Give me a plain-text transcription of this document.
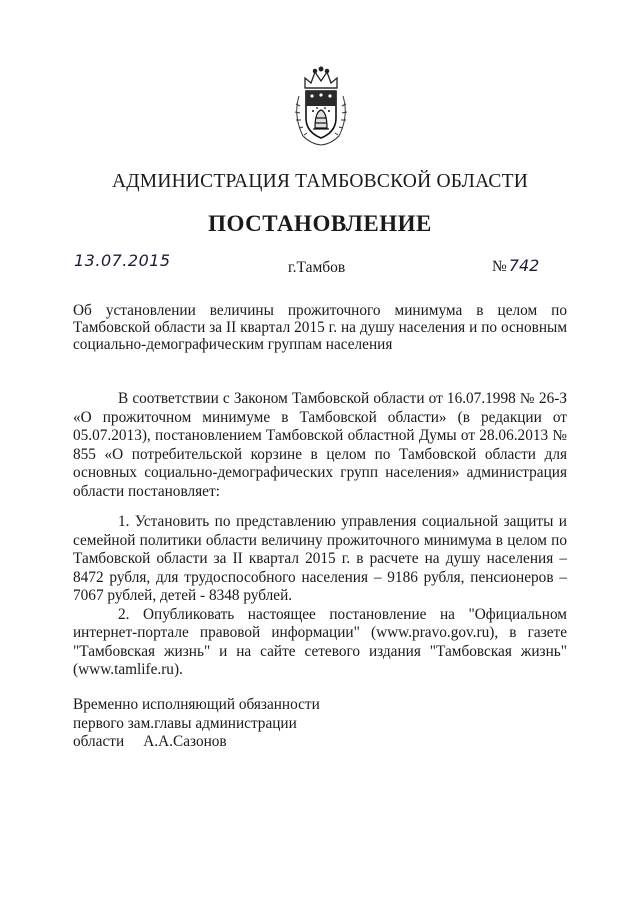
АДМИНИСТРАЦИЯ ТАМБОВСКОЙ ОБЛАСТИ
ПОСТАНОВЛЕНИЕ
13.07.2015	г.Тамбов	№ 742
Об установлении величины прожиточного минимума в целом по Тамбовской области за II квартал 2015 г. на душу населения и по основным социально-демографическим группам населения

В соответствии с Законом Тамбовской области от 16.07.1998 № 26-З «О прожиточном минимуме в Тамбовской области» (в редакции от 05.07.2013), постановлением Тамбовской областной Думы от 28.06.2013 № 855 «О потребительской корзине в целом по Тамбовской области для основных социально-демографических групп населения» администрация области постановляет:

1. Установить по представлению управления социальной защиты и семейной политики области величину прожиточного минимума в целом по Тамбовской области за II квартал 2015 г. в расчете на душу населения – 8472 рубля, для трудоспособного населения – 9186 рубля, пенсионеров – 7067 рублей, детей - 8348 рублей.

2. Опубликовать настоящее постановление на "Официальном интернет-портале правовой информации" (www.pravo.gov.ru), в газете "Тамбовская жизнь" и на сайте сетевого издания "Тамбовская жизнь" (www.tamlife.ru).

Временно исполняющий обязанности
первого зам.главы администрации
области     А.А.Сазонов
